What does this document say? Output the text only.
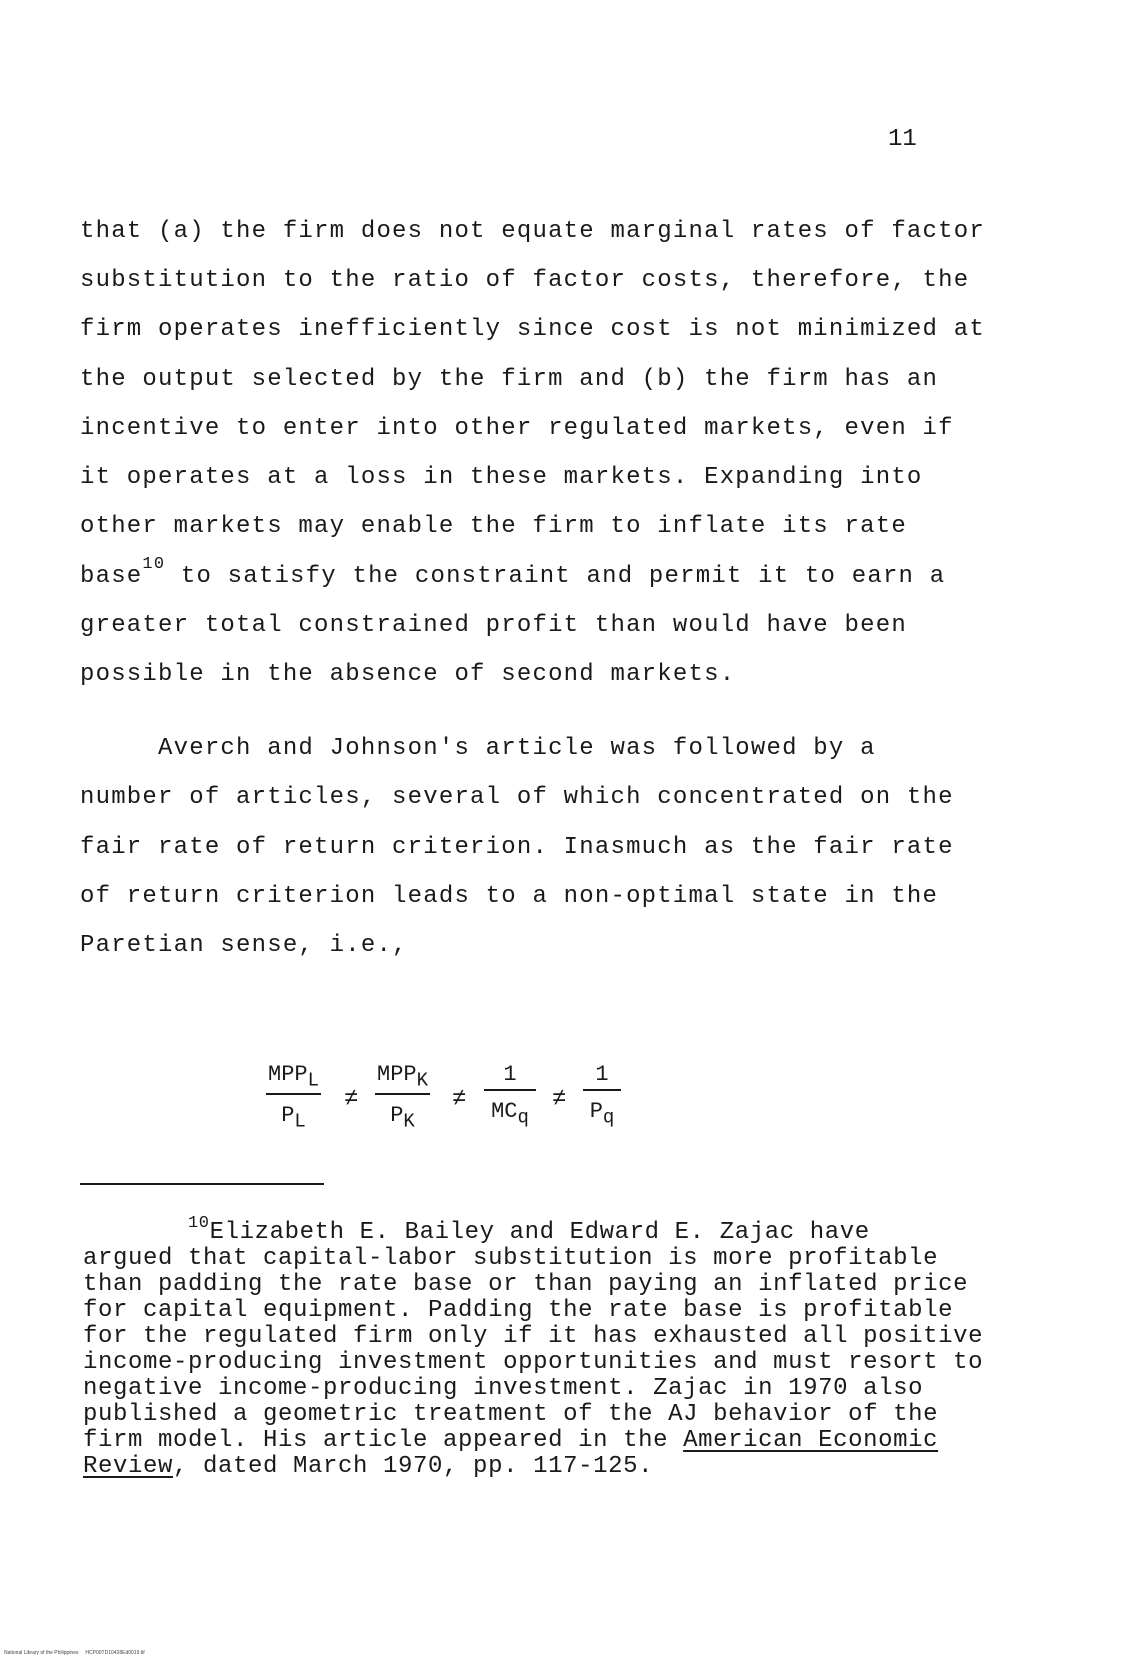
11
that (a) the firm does not equate marginal rates of factor
substitution to the ratio of factor costs, therefore, the
firm operates inefficiently since cost is not minimized at
the output selected by the firm and (b) the firm has an
incentive to enter into other regulated markets, even if
it operates at a loss in these markets. Expanding into
other markets may enable the firm to inflate its rate
base$^{10}$ to satisfy the constraint and permit it to earn a
greater total constrained profit than would have been
possible in the absence of second markets.
Averch and Johnson's article was followed by a
number of articles, several of which concentrated on the
fair rate of return criterion. Inasmuch as the fair rate
of return criterion leads to a non-optimal state in the
Paretian sense, i.e.,
$MPP_L$
$P_L$
≠
$MPP_K$
$P_K$
≠
1
$MC_q$
≠ $\frac{1}{P_q}$
$^{10}$Elizabeth E. Bailey and Edward E. Zajac have
argued that capital-labor substitution is more profitable
than padding the rate base or than paying an inflated price
for capital equipment. Padding the rate base is profitable
for the regulated firm only if it has exhausted all positive
income-producing investment opportunities and must resort to
negative income-producing investment. Zajac in 1970 also
published a geometric treatment of the AJ behavior of the
firm model. His article appeared in the American Economic
Review, dated March 1970, pp. 117-125.
National Library of the Philippines     HCP00TD10428Ed0019.tif
